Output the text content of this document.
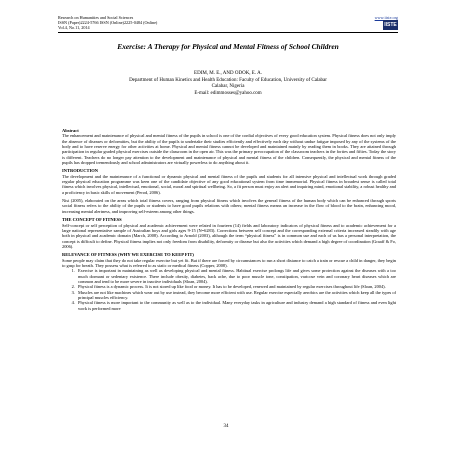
Research on Humanities and Social Sciences
ISSN (Paper)2224-5766 ISSN (Online)2225-0484 (Online)
Vol.4, No.11, 2014
www.iiste.org
IISTE
Exercise: A Therapy for Physical and Mental Fitness of School Children
EDIM, M. E., AND ODOK, E. A.
Department of Human Kinetics and Health Education: Faculty of Education, University of Calabar
Calabar, Nigeria
E-mail: edimmosses@yahoo.com
Abstract

The enhancement and maintenance of physical and mental fitness of the pupils in school is one of the cordial objectives of every good education system. Physical fitness does not only imply the absence of diseases or deformities, but the ability of the pupils to undertake their studies efficiently and effectively each day without undue fatigue imposed by any of the systems of the body and to have reserve energy for other activities at home. Physical and mental fitness cannot be developed and maintained mainly by reading them in books. They are attained through participation in regular graded physical exercises outside the classroom in the open air. This was the primary preoccupation of the classroom teachers in the forties and fifties. Today the story is different. Teachers do no longer pay attention to the development and maintenance of physical and mental fitness of the children. Consequently, the physical and mental fitness of the pupils has dropped tremendously and school administrators are virtually powerless to do anything about it.

INTRODUCTION

The development and the maintenance of a functional or dynamic physical and mental fitness of the pupils and students for all intensive physical and intellectual work through graded regular physical education programme was keen one of the candidate objective of any good educational system from time immemorial. Physical fitness in broadest sense is called total fitness which involves physical, intellectual, emotional, social, moral and spiritual wellbeing. So, a fit person must enjoy an alert and inquiring mind, emotional stability, a robust healthy and a proficiency in basic skills of movement (Perod, 2006).

Nisi (2005), elaborated on the areas which total fitness covers, ranging from physical fitness which involves the general fitness of the human body which can be enhanced through sports social fitness refers to the ability of the pupils or students to have good pupils relations with others; mental fitness means an increase in the flow of blood to the brain, enhancing mood, increasing mental alertness, and improving self-esteem among other things.

THE CONCEPT OF FITNESS

Self-concept or self perception of physical and academic achievement were related in fourteen (14) fields and laboratory indicators of physical fitness and to academic achievement for a large national representative sample of Australian boys and girls ages 9-15 (N=6283). Corrections between self concept and the corresponding external criteria increased steadily with age both in physical and academic domain (March, 2008). According to Arnold (2003), although the term “physical fitness” is in common use and each of us has a personal interpretation, the concept is difficult to define. Physical fitness implies not only freedom from disability, deformity or disease but also the activities which demand a high degree of coordination (Graaff & Fo, 2006).

RELEVANCE OF FITNESS (WHY WE EXERCISE TO KEEP FIT)

Some people may claim that they do not take regular exercise but yet fit. But if there are forced by circumstances to run a short distance to catch a train or rescue a child in danger, they begin to gasp for breath. They possess what is referred to as static or medical fitness (Copper, 2008).

1. Exercise is important in maintaining as well as developing physical and mental fitness. Habitual exercise prolongs life and gives some protection against the diseases with a too much dormant or sedentary existence. There include obesity, diabetes, back ache, due to poor muscle tone, constipation, varicose vein and coronary heart diseases which are common and tend to be more severe in inactive individuals (Sloan, 2004).
2. Physical fitness is a dynamic process. It is not stored up like food or money. It has to be developed, renewed and maintained by regular exercises throughout life (Sloan, 2004).
3. Muscles are not like machines which wear out by use instead, they become more efficient with use. Regular exercise especially aerobics are the activities which keep all the types of principal muscles efficiency.
4. Physical fitness is more important to the community as well as to the individual. Many everyday tasks in agriculture and industry demand a high standard of fitness and even light work is performed more
34
